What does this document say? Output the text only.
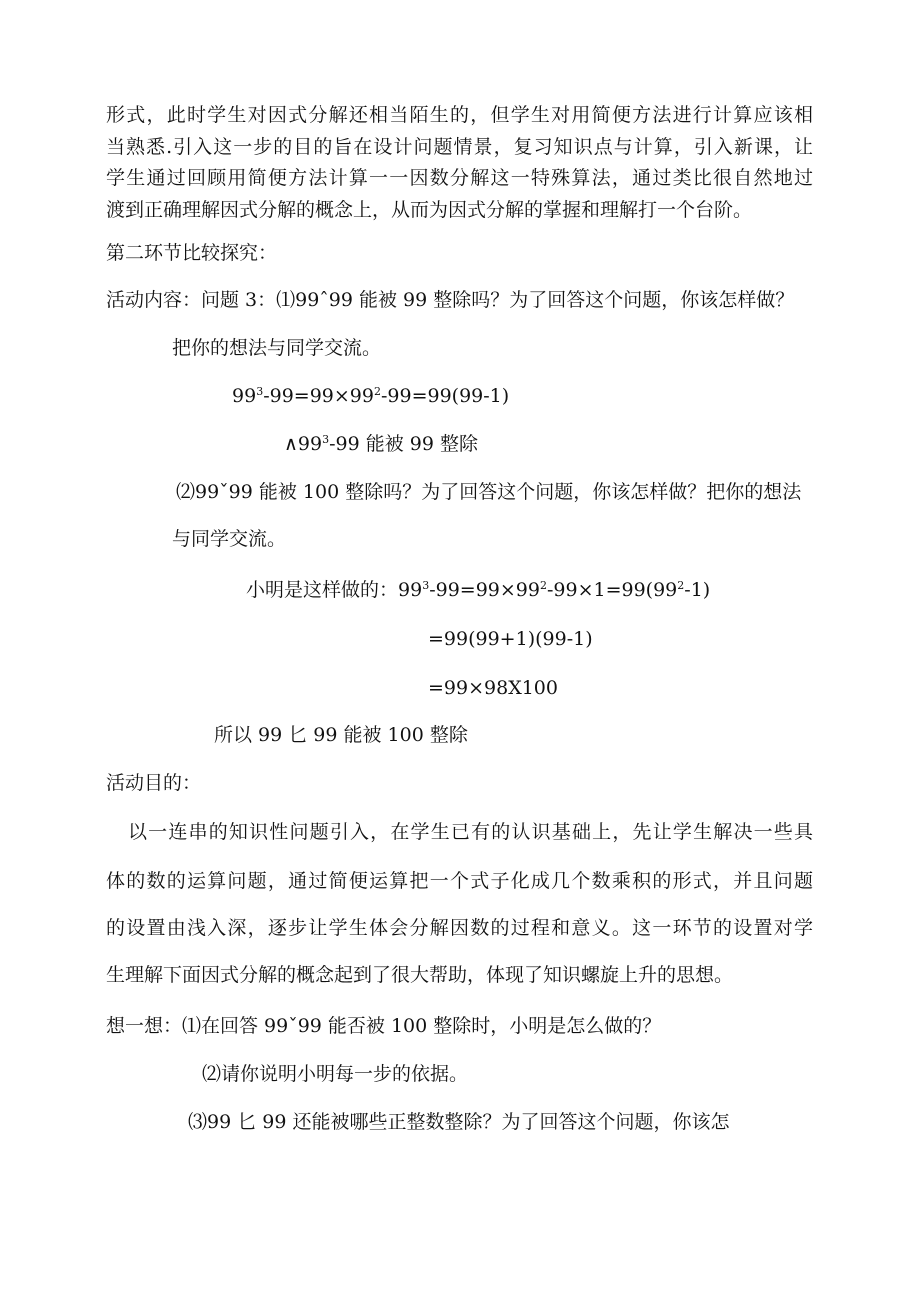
形式，此时学生对因式分解还相当陌生的，但学生对用简便方法进行计算应该相
当熟悉.引入这一步的目的旨在设计问题情景，复习知识点与计算，引入新课，让
学生通过回顾用简便方法计算一一因数分解这一特殊算法，通过类比很自然地过
渡到正确理解因式分解的概念上，从而为因式分解的掌握和理解打一个台阶。
第二环节比较探究：
活动内容：问题 3：⑴99ˆ99 能被 99 整除吗？为了回答这个问题，你该怎样做？
把你的想法与同学交流。
$99^3-99=99\times 99^2-99=99(99-1)$
$\wedge 99^3-99$ 能被 99 整除
⑵99ˇ99 能被 100 整除吗？为了回答这个问题，你该怎样做？把你的想法
与同学交流。
小明是这样做的：$99^3-99=99\times 99^2-99\times 1=99(99^2-1)$
=99(99+1)(99-1)
=99×98X100
所以 99 匕 99 能被 100 整除
活动目的：
以一连串的知识性问题引入，在学生已有的认识基础上，先让学生解决一些具
体的数的运算问题，通过简便运算把一个式子化成几个数乘积的形式，并且问题
的设置由浅入深，逐步让学生体会分解因数的过程和意义。这一环节的设置对学
生理解下面因式分解的概念起到了很大帮助，体现了知识螺旋上升的思想。
想一想：⑴在回答 99ˇ99 能否被 100 整除时，小明是怎么做的？
⑵请你说明小明每一步的依据。
⑶99 匕 99 还能被哪些正整数整除？为了回答这个问题，你该怎
